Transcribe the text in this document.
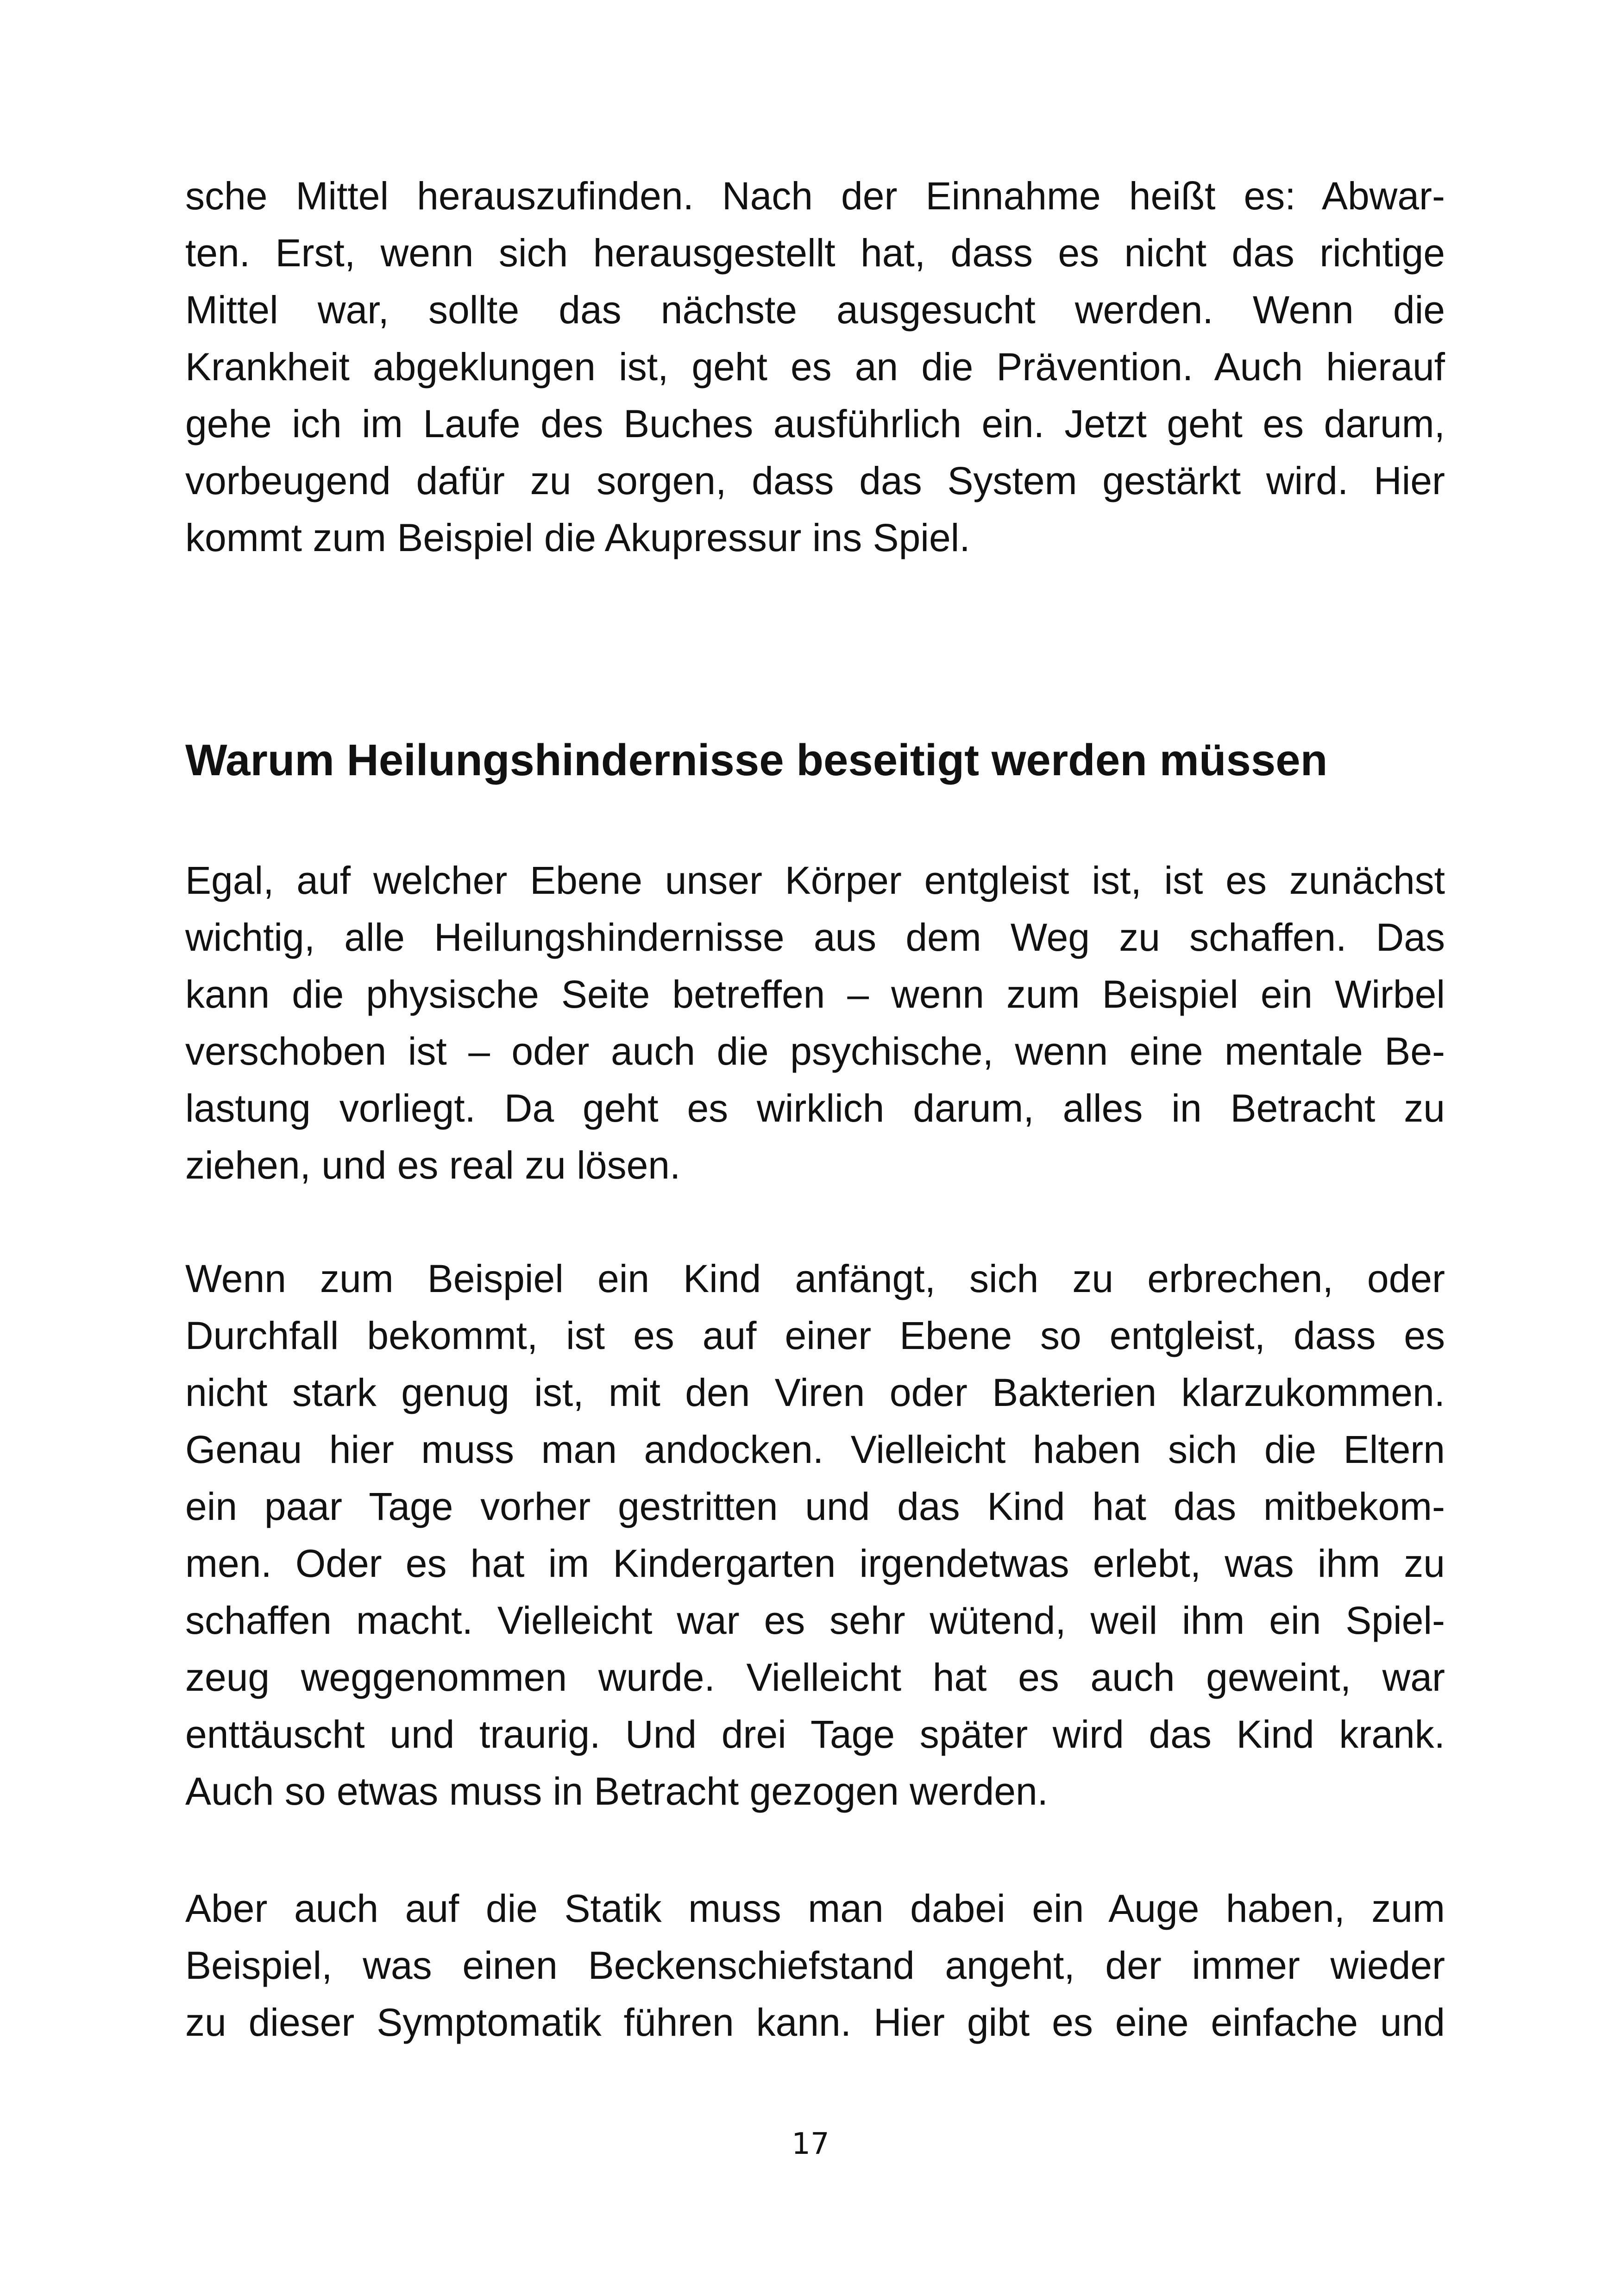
sche Mittel herauszufinden. Nach der Einnahme heißt es: Abwar-
ten. Erst, wenn sich herausgestellt hat, dass es nicht das richtige
Mittel war, sollte das nächste ausgesucht werden. Wenn die
Krankheit abgeklungen ist, geht es an die Prävention. Auch hierauf
gehe ich im Laufe des Buches ausführlich ein. Jetzt geht es darum,
vorbeugend dafür zu sorgen, dass das System gestärkt wird. Hier
kommt zum Beispiel die Akupressur ins Spiel.
Warum Heilungshindernisse beseitigt werden müssen
Egal, auf welcher Ebene unser Körper entgleist ist, ist es zunächst
wichtig, alle Heilungshindernisse aus dem Weg zu schaffen. Das
kann die physische Seite betreffen – wenn zum Beispiel ein Wirbel
verschoben ist – oder auch die psychische, wenn eine mentale Be-
lastung vorliegt. Da geht es wirklich darum, alles in Betracht zu
ziehen, und es real zu lösen.
Wenn zum Beispiel ein Kind anfängt, sich zu erbrechen, oder
Durchfall bekommt, ist es auf einer Ebene so entgleist, dass es
nicht stark genug ist, mit den Viren oder Bakterien klarzukommen.
Genau hier muss man andocken. Vielleicht haben sich die Eltern
ein paar Tage vorher gestritten und das Kind hat das mitbekom-
men. Oder es hat im Kindergarten irgendetwas erlebt, was ihm zu
schaffen macht. Vielleicht war es sehr wütend, weil ihm ein Spiel-
zeug weggenommen wurde. Vielleicht hat es auch geweint, war
enttäuscht und traurig. Und drei Tage später wird das Kind krank.
Auch so etwas muss in Betracht gezogen werden.
Aber auch auf die Statik muss man dabei ein Auge haben, zum
Beispiel, was einen Beckenschiefstand angeht, der immer wieder
zu dieser Symptomatik führen kann. Hier gibt es eine einfache und
17
